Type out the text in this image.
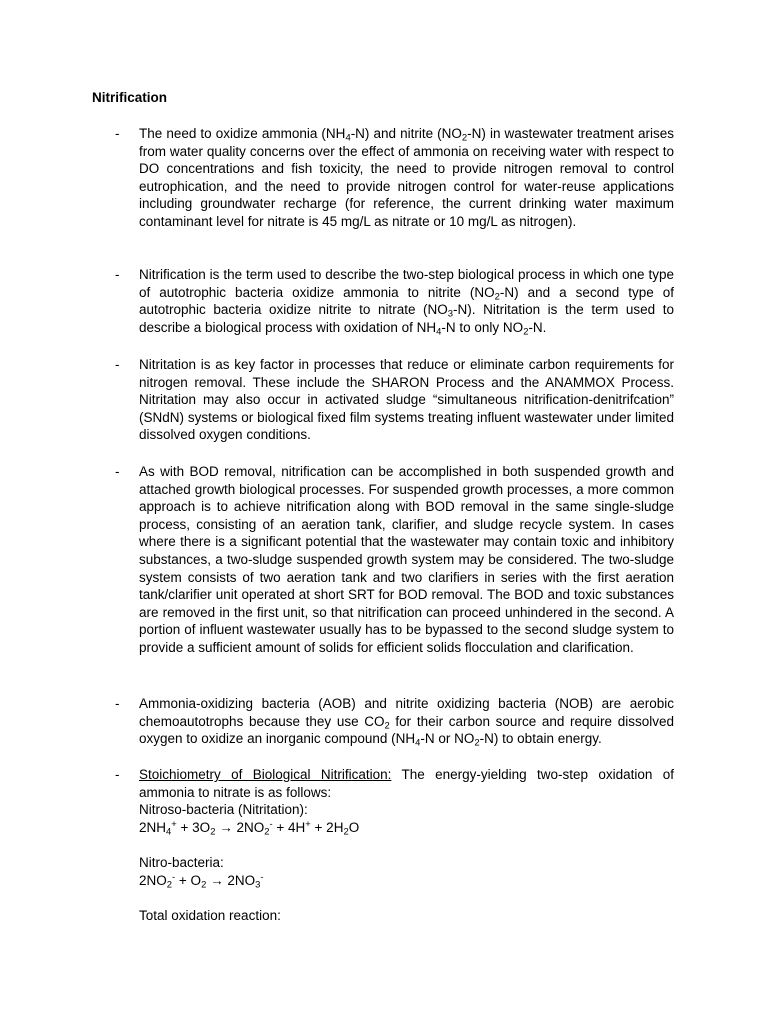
Nitrification
- The need to oxidize ammonia $(NH_4-N)$ and nitrite $(NO_2-N)$ in wastewater treatment arises from water quality concerns over the effect of ammonia on receiving water with respect to DO concentrations and fish toxicity, the need to provide nitrogen removal to control eutrophication, and the need to provide nitrogen control for water-reuse applications including groundwater recharge (for reference, the current drinking water maximum contaminant level for nitrate is 45 mg/L as nitrate or 10 mg/L as nitrogen).

- Nitrification is the term used to describe the two-step biological process in which one type of autotrophic bacteria oxidize ammonia to nitrite $(NO_2-N)$ and a second type of autotrophic bacteria oxidize nitrite to nitrate $(NO_3-N)$. Nitritation is the term used to describe a biological process with oxidation of $NH_4-N$ to only $NO_2-N$.

- Nitritation is as key factor in processes that reduce or eliminate carbon requirements for nitrogen removal. These include the SHARON Process and the ANAMMOX Process. Nitritation may also occur in activated sludge “simultaneous nitrification-denitrifcation” (SNdN) systems or biological fixed film systems treating influent wastewater under limited dissolved oxygen conditions.

- As with BOD removal, nitrification can be accomplished in both suspended growth and attached growth biological processes. For suspended growth processes, a more common approach is to achieve nitrification along with BOD removal in the same single-sludge process, consisting of an aeration tank, clarifier, and sludge recycle system. In cases where there is a significant potential that the wastewater may contain toxic and inhibitory substances, a two-sludge suspended growth system may be considered. The two-sludge system consists of two aeration tank and two clarifiers in series with the first aeration tank/clarifier unit operated at short SRT for BOD removal. The BOD and toxic substances are removed in the first unit, so that nitrification can proceed unhindered in the second. A portion of influent wastewater usually has to be bypassed to the second sludge system to provide a sufficient amount of solids for efficient solids flocculation and clarification.

- Ammonia-oxidizing bacteria (AOB) and nitrite oxidizing bacteria (NOB) are aerobic chemoautotrophs because they use $CO_2$ for their carbon source and require dissolved oxygen to oxidize an inorganic compound ($NH_4-N$ or $NO_2-N$) to obtain energy.

- Stoichiometry of Biological Nitrification: The energy-yielding two-step oxidation of ammonia to nitrate is as follows:
Nitroso-bacteria (Nitritation):
$2NH_4^+ + 3O_2 \to 2NO_2^- + 4H^+ + 2H_2O$
Nitro-bacteria:
$2NO_2^- + O_2 \to 2NO_3^-$
Total oxidation reaction:
